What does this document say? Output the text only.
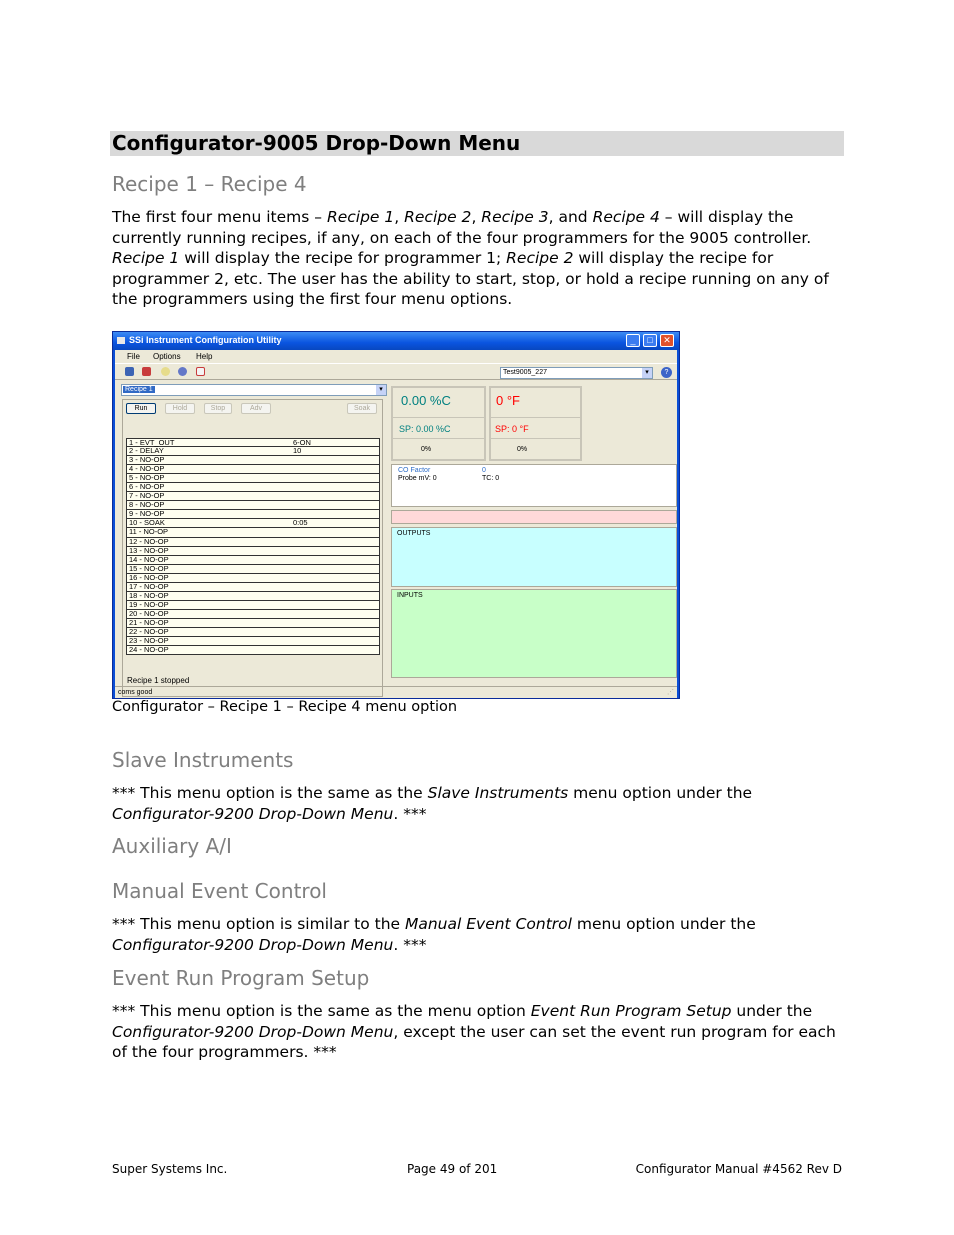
Configurator-9005 Drop-Down Menu
Recipe 1 – Recipe 4
The first four menu items – Recipe 1, Recipe 2, Recipe 3, and Recipe 4 – will display the currently running recipes, if any, on each of the four programmers for the 9005 controller. Recipe 1 will display the recipe for programmer 1; Recipe 2 will display the recipe for programmer 2, etc. The user has the ability to start, stop, or hold a recipe running on any of the programmers using the first four menu options.
SSi Instrument Configuration Utility	_	□	✕
File Options Help
Test9005_227	▾	?
Recipe 1	▾
Run	Hold	Stop	Adv	Soak
1 - EVT_OUT	6-ON
2 - DELAY	10
3 - NO-OP
4 - NO-OP
5 - NO-OP
6 - NO-OP
7 - NO-OP
8 - NO-OP
9 - NO-OP
10 - SOAK	0:05
11 - NO-OP
12 - NO-OP
13 - NO-OP
14 - NO-OP
15 - NO-OP
16 - NO-OP
17 - NO-OP
18 - NO-OP
19 - NO-OP
20 - NO-OP
21 - NO-OP
22 - NO-OP
23 - NO-OP
24 - NO-OP
Recipe 1 stopped
0.00 %C
SP: 0.00 %C
0%
0 °F
SP: 0 °F
0%
CO Factor	0
Probe mV: 0	TC: 0
OUTPUTS
INPUTS
coms good	⋰
Configurator – Recipe 1 – Recipe 4 menu option
Slave Instruments
*** This menu option is the same as the Slave Instruments menu option under the Configurator-9200 Drop-Down Menu. ***
Auxiliary A/I
Manual Event Control
*** This menu option is similar to the Manual Event Control menu option under the Configurator-9200 Drop-Down Menu. ***
Event Run Program Setup
*** This menu option is the same as the menu option Event Run Program Setup under the Configurator-9200 Drop-Down Menu, except the user can set the event run program for each of the four programmers. ***
Super Systems Inc.	Page 49 of 201	Configurator Manual #4562 Rev D
